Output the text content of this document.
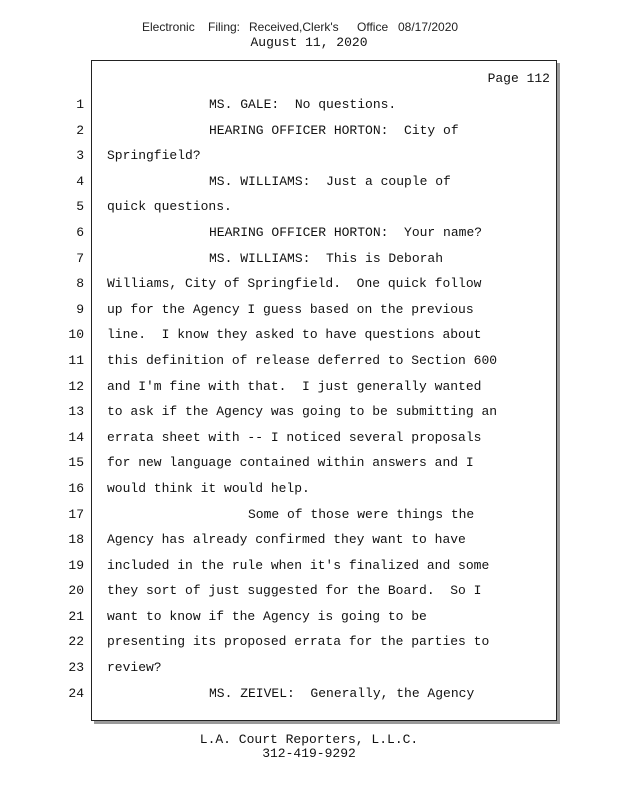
Electronic Filing: Received,Clerk's Office 08/17/2020
August 11, 2020
Page 112
1
2
3
4
5
6
7
8
9
10
11
12
13
14
15
16
17
18
19
20
21
22
23
24
MS. GALE:  No questions.
HEARING OFFICER HORTON:  City of
Springfield?
MS. WILLIAMS:  Just a couple of
quick questions.
HEARING OFFICER HORTON:  Your name?
MS. WILLIAMS:  This is Deborah
Williams, City of Springfield.  One quick follow
up for the Agency I guess based on the previous
line.  I know they asked to have questions about
this definition of release deferred to Section 600
and I'm fine with that.  I just generally wanted
to ask if the Agency was going to be submitting an
errata sheet with -- I noticed several proposals
for new language contained within answers and I
would think it would help.
Some of those were things the
Agency has already confirmed they want to have
included in the rule when it's finalized and some
they sort of just suggested for the Board.  So I
want to know if the Agency is going to be
presenting its proposed errata for the parties to
review?
MS. ZEIVEL:  Generally, the Agency
L.A. Court Reporters, L.L.C.
312-419-9292
